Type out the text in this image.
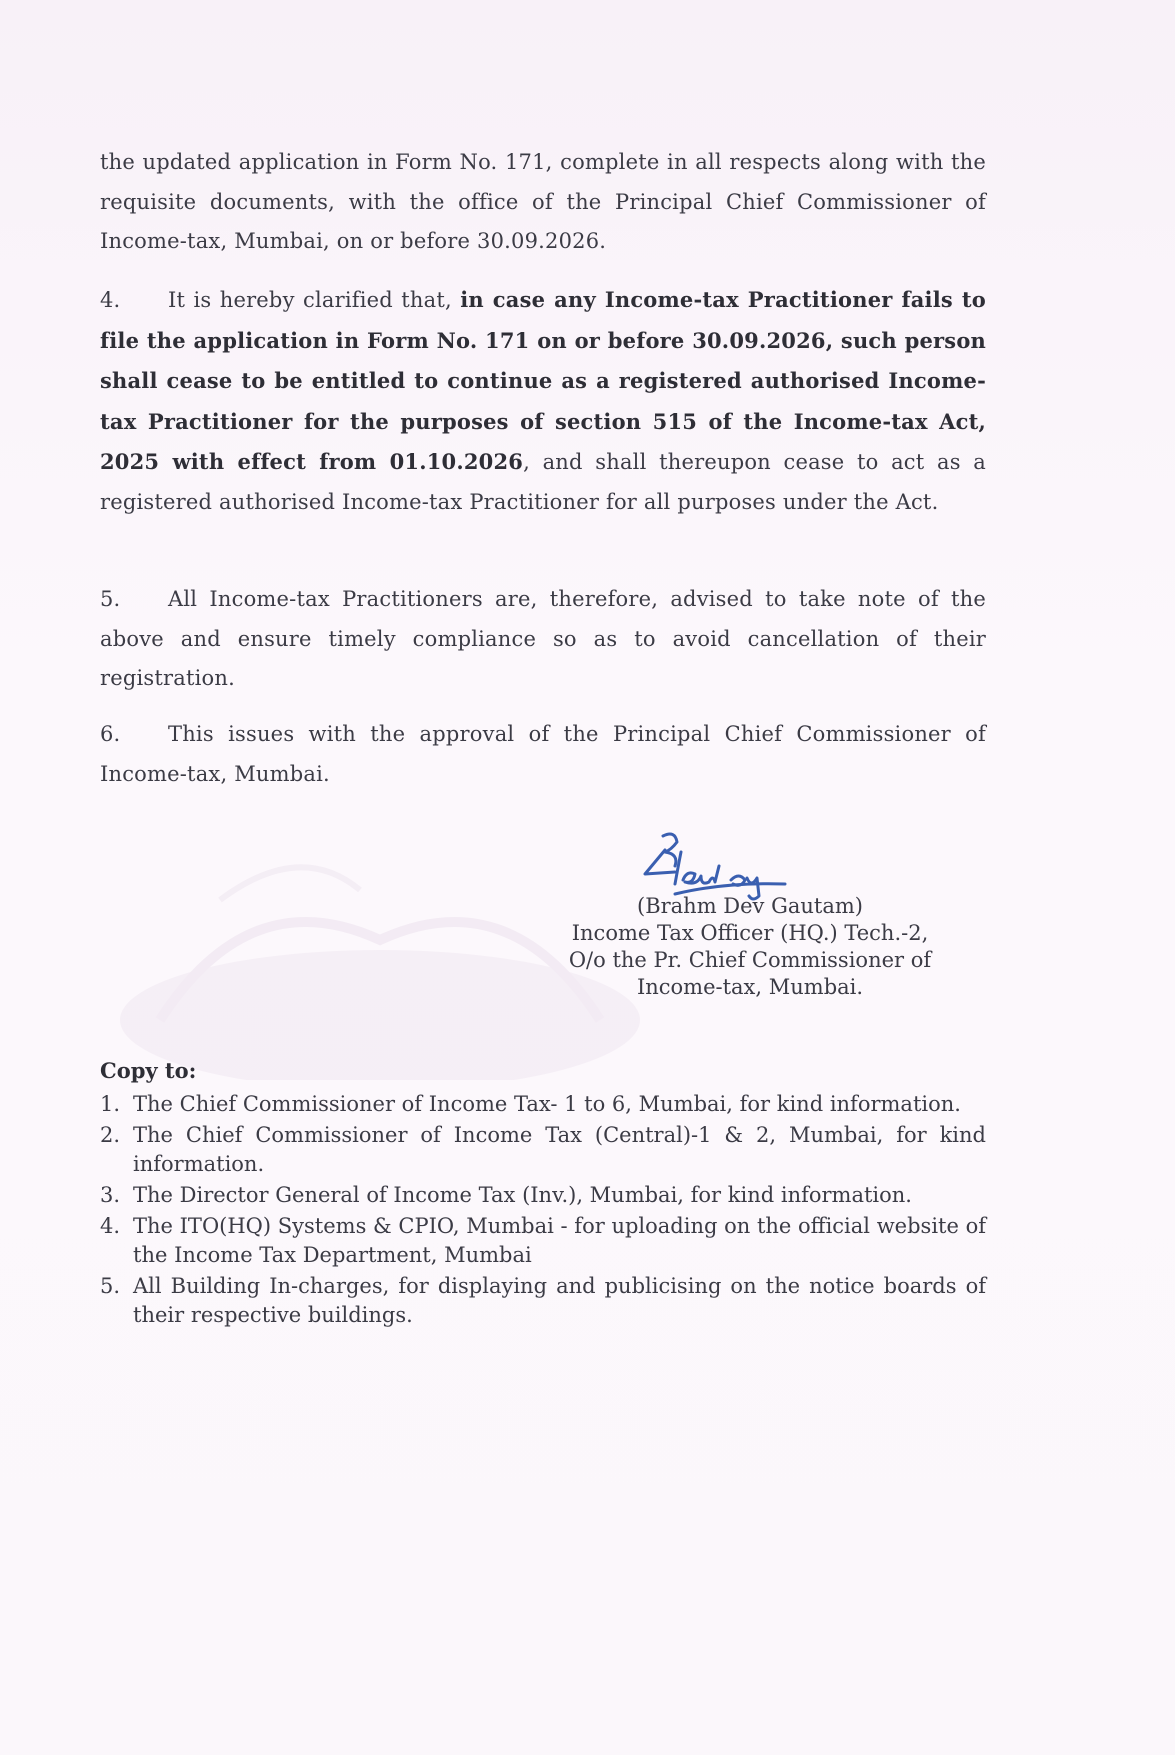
the updated application in Form No. 171, complete in all respects along with the requisite documents, with the office of the Principal Chief Commissioner of Income-tax, Mumbai, on or before 30.09.2026.
4. It is hereby clarified that, in case any Income-tax Practitioner fails to file the application in Form No. 171 on or before 30.09.2026, such person shall cease to be entitled to continue as a registered authorised Income-tax Practitioner for the purposes of section 515 of the Income-tax Act, 2025 with effect from 01.10.2026, and shall thereupon cease to act as a registered authorised Income-tax Practitioner for all purposes under the Act.
5. All Income-tax Practitioners are, therefore, advised to take note of the above and ensure timely compliance so as to avoid cancellation of their registration.
6. This issues with the approval of the Principal Chief Commissioner of Income-tax, Mumbai.
(Brahm Dev Gautam)
Income Tax Officer (HQ.) Tech.-2,
O/o the Pr. Chief Commissioner of
Income-tax, Mumbai.
Copy to:
1. The Chief Commissioner of Income Tax- 1 to 6, Mumbai, for kind information.
2. The Chief Commissioner of Income Tax (Central)-1 & 2, Mumbai, for kind information.
3. The Director General of Income Tax (Inv.), Mumbai, for kind information.
4. The ITO(HQ) Systems & CPIO, Mumbai - for uploading on the official website of the Income Tax Department, Mumbai
5. All Building In-charges, for displaying and publicising on the notice boards of their respective buildings.
